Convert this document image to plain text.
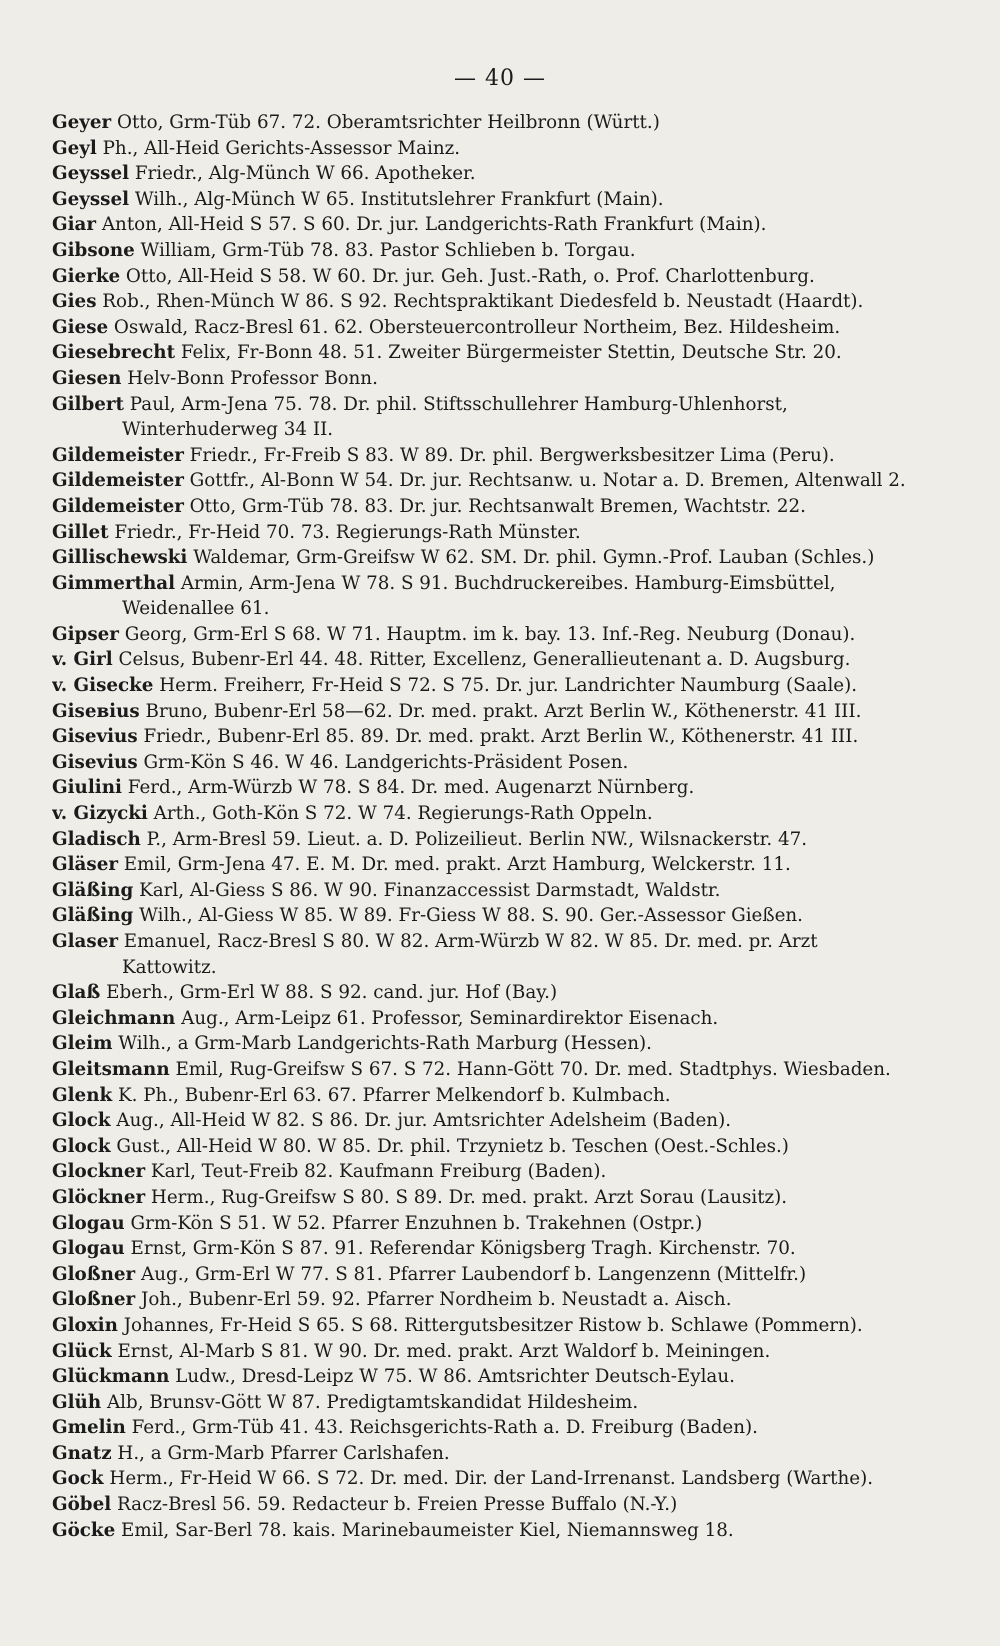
— 40 —
Geyer Otto, Grm-Tüb 67. 72. Oberamtsrichter Heilbronn (Württ.)
Geyl Ph., All-Heid Gerichts-Assessor Mainz.
Geyssel Friedr., Alg-Münch W 66. Apotheker.
Geyssel Wilh., Alg-Münch W 65. Institutslehrer Frankfurt (Main).
Giar Anton, All-Heid S 57. S 60. Dr. jur. Landgerichts-Rath Frankfurt (Main).
Gibsone William, Grm-Tüb 78. 83. Pastor Schlieben b. Torgau.
Gierke Otto, All-Heid S 58. W 60. Dr. jur. Geh. Just.-Rath, o. Prof. Charlottenburg.
Gies Rob., Rhen-Münch W 86. S 92. Rechtspraktikant Diedesfeld b. Neustadt (Haardt).
Giese Oswald, Racz-Bresl 61. 62. Obersteuercontrolleur Northeim, Bez. Hildesheim.
Giesebrecht Felix, Fr-Bonn 48. 51. Zweiter Bürgermeister Stettin, Deutsche Str. 20.
Giesen Helv-Bonn Professor Bonn.
Gilbert Paul, Arm-Jena 75. 78. Dr. phil. Stiftsschullehrer Hamburg-Uhlenhorst,
Winterhuderweg 34 II.
Gildemeister Friedr., Fr-Freib S 83. W 89. Dr. phil. Bergwerksbesitzer Lima (Peru).
Gildemeister Gottfr., Al-Bonn W 54. Dr. jur. Rechtsanw. u. Notar a. D. Bremen, Altenwall 2.
Gildemeister Otto, Grm-Tüb 78. 83. Dr. jur. Rechtsanwalt Bremen, Wachtstr. 22.
Gillet Friedr., Fr-Heid 70. 73. Regierungs-Rath Münster.
Gillischewski Waldemar, Grm-Greifsw W 62. SM. Dr. phil. Gymn.-Prof. Lauban (Schles.)
Gimmerthal Armin, Arm-Jena W 78. S 91. Buchdruckereibes. Hamburg-Eimsbüttel,
Weidenallee 61.
Gipser Georg, Grm-Erl S 68. W 71. Hauptm. im k. bay. 13. Inf.-Reg. Neuburg (Donau).
v. Girl Celsus, Bubenr-Erl 44. 48. Ritter, Excellenz, Generallieutenant a. D. Augsburg.
v. Gisecke Herm. Freiherr, Fr-Heid S 72. S 75. Dr. jur. Landrichter Naumburg (Saale).
Giseвius Bruno, Bubenr-Erl 58—62. Dr. med. prakt. Arzt Berlin W., Köthenerstr. 41 III.
Gisevius Friedr., Bubenr-Erl 85. 89. Dr. med. prakt. Arzt Berlin W., Köthenerstr. 41 III.
Gisevius Grm-Kön S 46. W 46. Landgerichts-Präsident Posen.
Giulini Ferd., Arm-Würzb W 78. S 84. Dr. med. Augenarzt Nürnberg.
v. Gizycki Arth., Goth-Kön S 72. W 74. Regierungs-Rath Oppeln.
Gladisch P., Arm-Bresl 59. Lieut. a. D. Polizeilieut. Berlin NW., Wilsnackerstr. 47.
Gläser Emil, Grm-Jena 47. E. M. Dr. med. prakt. Arzt Hamburg, Welckerstr. 11.
Gläßing Karl, Al-Giess S 86. W 90. Finanzaccessist Darmstadt, Waldstr.
Gläßing Wilh., Al-Giess W 85. W 89. Fr-Giess W 88. S. 90. Ger.-Assessor Gießen.
Glaser Emanuel, Racz-Bresl S 80. W 82. Arm-Würzb W 82. W 85. Dr. med. pr. Arzt
Kattowitz.
Glaß Eberh., Grm-Erl W 88. S 92. cand. jur. Hof (Bay.)
Gleichmann Aug., Arm-Leipz 61. Professor, Seminardirektor Eisenach.
Gleim Wilh., a Grm-Marb Landgerichts-Rath Marburg (Hessen).
Gleitsmann Emil, Rug-Greifsw S 67. S 72. Hann-Gött 70. Dr. med. Stadtphys. Wiesbaden.
Glenk K. Ph., Bubenr-Erl 63. 67. Pfarrer Melkendorf b. Kulmbach.
Glock Aug., All-Heid W 82. S 86. Dr. jur. Amtsrichter Adelsheim (Baden).
Glock Gust., All-Heid W 80. W 85. Dr. phil. Trzynietz b. Teschen (Oest.-Schles.)
Glockner Karl, Teut-Freib 82. Kaufmann Freiburg (Baden).
Glöckner Herm., Rug-Greifsw S 80. S 89. Dr. med. prakt. Arzt Sorau (Lausitz).
Glogau Grm-Kön S 51. W 52. Pfarrer Enzuhnen b. Trakehnen (Ostpr.)
Glogau Ernst, Grm-Kön S 87. 91. Referendar Königsberg Tragh. Kirchenstr. 70.
Gloßner Aug., Grm-Erl W 77. S 81. Pfarrer Laubendorf b. Langenzenn (Mittelfr.)
Gloßner Joh., Bubenr-Erl 59. 92. Pfarrer Nordheim b. Neustadt a. Aisch.
Gloxin Johannes, Fr-Heid S 65. S 68. Rittergutsbesitzer Ristow b. Schlawe (Pommern).
Glück Ernst, Al-Marb S 81. W 90. Dr. med. prakt. Arzt Waldorf b. Meiningen.
Glückmann Ludw., Dresd-Leipz W 75. W 86. Amtsrichter Deutsch-Eylau.
Glüh Alb, Brunsv-Gött W 87. Predigtamtskandidat Hildesheim.
Gmelin Ferd., Grm-Tüb 41. 43. Reichsgerichts-Rath a. D. Freiburg (Baden).
Gnatz H., a Grm-Marb Pfarrer Carlshafen.
Gock Herm., Fr-Heid W 66. S 72. Dr. med. Dir. der Land-Irrenanst. Landsberg (Warthe).
Göbel Racz-Bresl 56. 59. Redacteur b. Freien Presse Buffalo (N.-Y.)
Göcke Emil, Sar-Berl 78. kais. Marinebaumeister Kiel, Niemannsweg 18.
